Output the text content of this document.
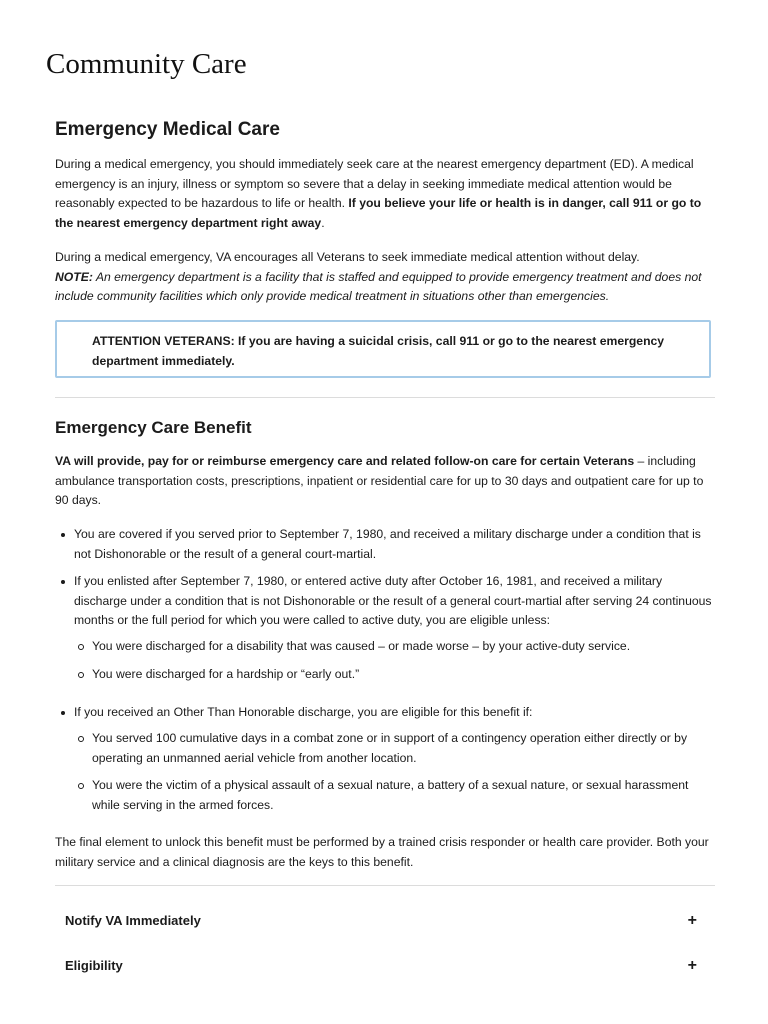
Community Care
Emergency Medical Care

During a medical emergency, you should immediately seek care at the nearest emergency department (ED). A medical emergency is an injury, illness or symptom so severe that a delay in seeking immediate medical attention would be reasonably expected to be hazardous to life or health. If you believe your life or health is in danger, call 911 or go to the nearest emergency department right away.

During a medical emergency, VA encourages all Veterans to seek immediate medical attention without delay.
NOTE: An emergency department is a facility that is staffed and equipped to provide emergency treatment and does not include community facilities which only provide medical treatment in situations other than emergencies.

ATTENTION VETERANS: If you are having a suicidal crisis, call 911 or go to the nearest emergency department immediately.

Emergency Care Benefit

VA will provide, pay for or reimburse emergency care and related follow-on care for certain Veterans – including ambulance transportation costs, prescriptions, inpatient or residential care for up to 30 days and outpatient care for up to 90 days.

You are covered if you served prior to September 7, 1980, and received a military discharge under a condition that is not Dishonorable or the result of a general court-martial.
If you enlisted after September 7, 1980, or entered active duty after October 16, 1981, and received a military discharge under a condition that is not Dishonorable or the result of a general court-martial after serving 24 continuous months or the full period for which you were called to active duty, you are eligible unless:
You were discharged for a disability that was caused – or made worse – by your active-duty service.
You were discharged for a hardship or “early out.”
If you received an Other Than Honorable discharge, you are eligible for this benefit if:
You served 100 cumulative days in a combat zone or in support of a contingency operation either directly or by operating an unmanned aerial vehicle from another location.
You were the victim of a physical assault of a sexual nature, a battery of a sexual nature, or sexual harassment while serving in the armed forces.

The final element to unlock this benefit must be performed by a trained crisis responder or health care provider. Both your military service and a clinical diagnosis are the keys to this benefit.

Notify VA Immediately	+
Eligibility	+
